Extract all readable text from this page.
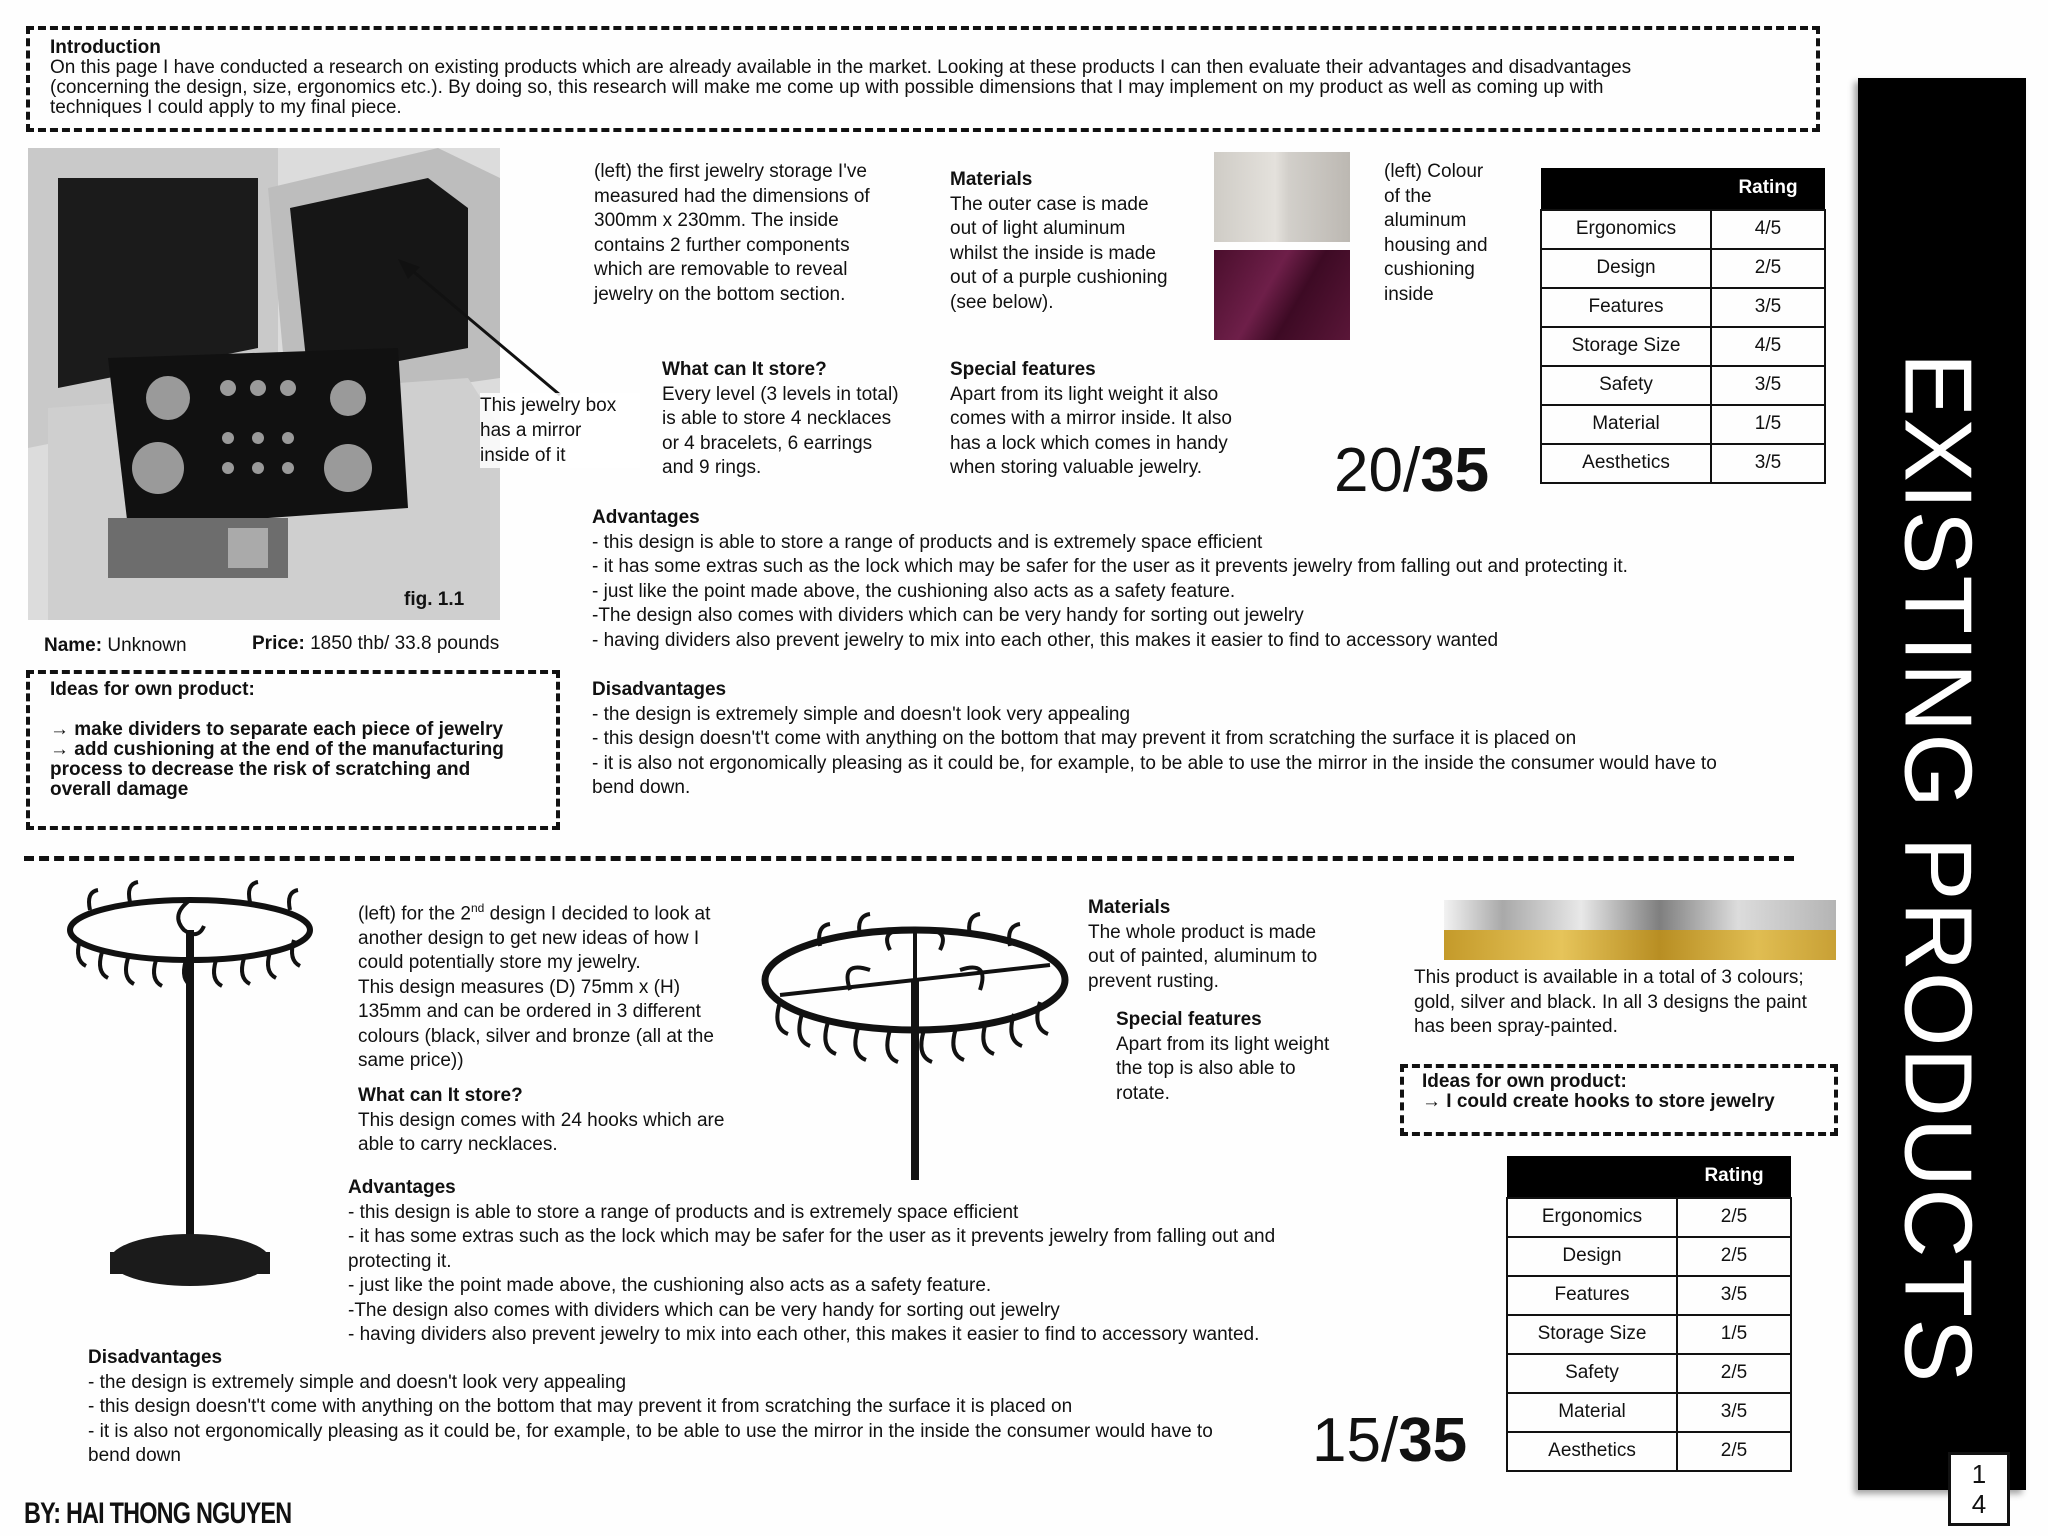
Introduction
On this page I have conducted a research on existing products which are already available in the market. Looking at these products I can then evaluate their advantages and disadvantages
(concerning the design, size, ergonomics etc.). By doing so, this research will make me come up with possible dimensions that I may implement on my product as well as coming up with
techniques I could apply to my final piece.
fig. 1.1
This jewelry box
has a mirror
inside of it
Name: Unknown	Price: 1850 thb/ 33.8 pounds
Ideas for own product:
→ make dividers to separate each piece of jewelry
→ add cushioning at the end of the manufacturing
process to decrease the risk of scratching and
overall damage
(left) the first jewelry storage I've
measured had the dimensions of
300mm x 230mm. The inside
contains 2 further components
which are removable to reveal
jewelry on the bottom section.
Materials
The outer case is made
out of light aluminum
whilst the inside is made
out of a purple cushioning
(see below).
(left) Colour
of the
aluminum
housing and
cushioning
inside
What can It store?
Every level (3 levels in total)
is able to store 4 necklaces
or 4 bracelets, 6 earrings
and 9 rings.
Special features
Apart from its light weight it also
comes with a mirror inside. It also
has a lock which comes in handy
when storing valuable jewelry.	20/35
	Rating
Ergonomics	4/5
Design	2/5
Features	3/5
Storage Size	4/5
Safety	3/5
Material	1/5
Aesthetics	3/5
Advantages
- this design is able to store a range of products and is extremely space efficient
- it has some extras such as the lock which may be safer for the user as it prevents jewelry from falling out and protecting it.
- just like the point made above, the cushioning also acts as a safety feature.
-The design also comes with dividers which can be very handy for sorting out jewelry
- having dividers also prevent jewelry to mix into each other, this makes it easier to find to accessory wanted
Disadvantages
- the design is extremely simple and doesn't look very appealing
- this design doesn't't come with anything on the bottom that may prevent it from scratching the surface it is placed on
- it is also not ergonomically pleasing as it could be, for example, to be able to use the mirror in the inside the consumer would have to
bend down.
(left) for the 2nd design I decided to look at
another design to get new ideas of how I
could potentially store my jewelry.
This design measures (D) 75mm x (H)
135mm and can be ordered in 3 different
colours (black, silver and bronze (all at the
same price))
What can It store?
This design comes with 24 hooks which are
able to carry necklaces.
Materials
The whole product is made
out of painted, aluminum to
prevent rusting.
Special features
Apart from its light weight
the top is also able to
rotate.
This product is available in a total of 3 colours;
gold, silver and black. In all 3 designs the paint
has been spray-painted.
Ideas for own product:
→ I could create hooks to store jewelry
Advantages
- this design is able to store a range of products and is extremely space efficient
- it has some extras such as the lock which may be safer for the user as it prevents jewelry from falling out and
protecting it.
- just like the point made above, the cushioning also acts as a safety feature.
-The design also comes with dividers which can be very handy for sorting out jewelry
- having dividers also prevent jewelry to mix into each other, this makes it easier to find to accessory wanted.
Disadvantages
- the design is extremely simple and doesn't look very appealing
- this design doesn't't come with anything on the bottom that may prevent it from scratching the surface it is placed on
- it is also not ergonomically pleasing as it could be, for example, to be able to use the mirror in the inside the consumer would have to
bend down	15/35
	Rating
Ergonomics	2/5
Design	2/5
Features	3/5
Storage Size	1/5
Safety	2/5
Material	3/5
Aesthetics	2/5
BY: HAI THONG NGUYEN
EXISTING PRODUCTS
1
4
